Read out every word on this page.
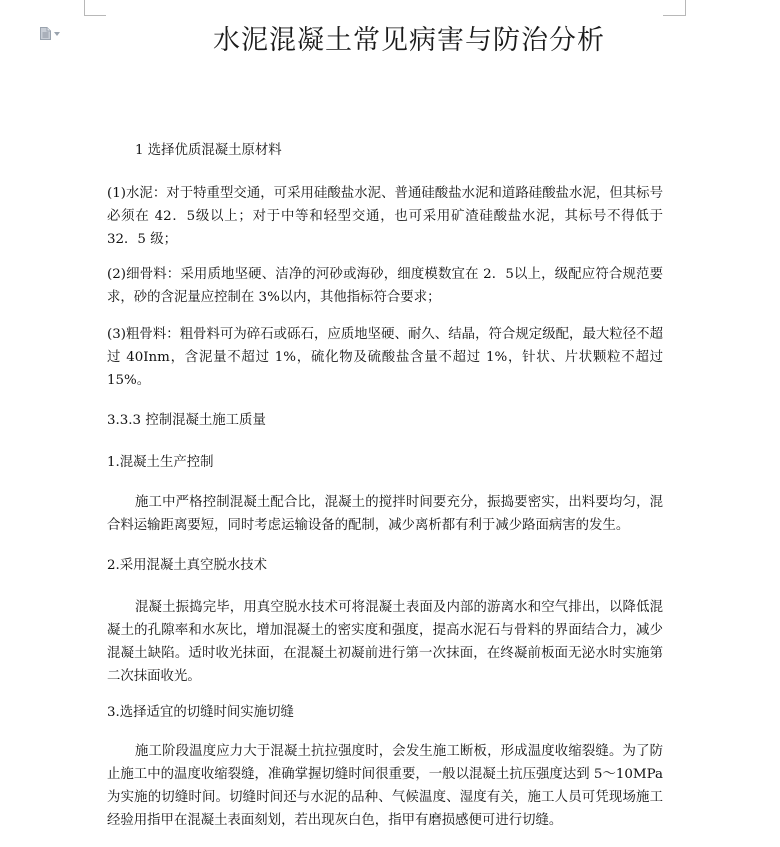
水泥混凝土常见病害与防治分析

1 选择优质混凝土原材料

(1)水泥：对于特重型交通，可采用硅酸盐水泥、普通硅酸盐水泥和道路硅酸盐水泥，但其标号必须在 42．5级以上；对于中等和轻型交通，也可采用矿渣硅酸盐水泥，其标号不得低于 32．5 级；

(2)细骨料：采用质地坚硬、洁净的河砂或海砂，细度模数宜在 2．5以上，级配应符合规范要求，砂的含泥量应控制在 3%以内，其他指标符合要求；

(3)粗骨料：粗骨料可为碎石或砾石，应质地坚硬、耐久、结晶，符合规定级配，最大粒径不超过 40Inm，含泥量不超过 1%，硫化物及硫酸盐含量不超过 1%，针状、片状颗粒不超过 15%。

3.3.3 控制混凝土施工质量

1.混凝土生产控制

施工中严格控制混凝土配合比，混凝土的搅拌时间要充分，振捣要密实，出料要均匀，混合料运输距离要短，同时考虑运输设备的配制，减少离析都有利于减少路面病害的发生。

2.采用混凝土真空脱水技术

混凝土振捣完毕，用真空脱水技术可将混凝土表面及内部的游离水和空气排出，以降低混凝土的孔隙率和水灰比，增加混凝土的密实度和强度，提高水泥石与骨料的界面结合力，减少混凝土缺陷。适时收光抹面，在混凝土初凝前进行第一次抹面，在终凝前板面无泌水时实施第二次抹面收光。

3.选择适宜的切缝时间实施切缝

施工阶段温度应力大于混凝土抗拉强度时，会发生施工断板，形成温度收缩裂缝。为了防止施工中的温度收缩裂缝，准确掌握切缝时间很重要，一般以混凝土抗压强度达到 5～10MPa 为实施的切缝时间。切缝时间还与水泥的品种、气候温度、湿度有关，施工人员可凭现场施工经验用指甲在混凝土表面刻划，若出现灰白色，指甲有磨损感便可进行切缝。
